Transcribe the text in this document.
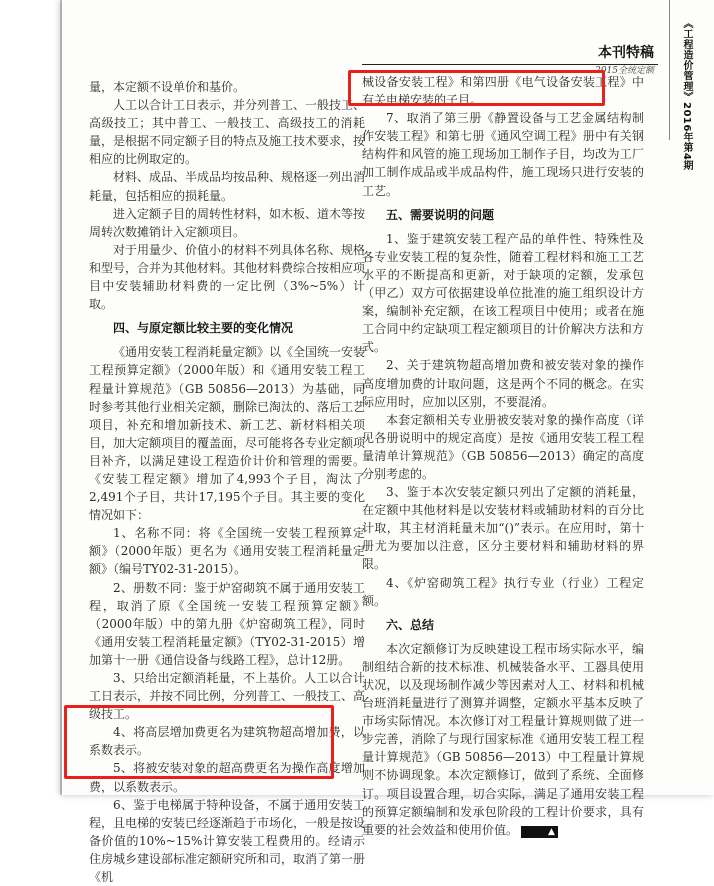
《工程造价管理》2016年第4期
本刊特稿
2015全统定额

量，本定额不设单价和基价。

人工以合计工日表示，并分列普工、一般技工、高级技工；其中普工、一般技工、高级技工的消耗量，是根据不同定额子目的特点及施工技术要求，按相应的比例取定的。

材料、成品、半成品均按品种、规格逐一列出消耗量，包括相应的损耗量。

进入定额子目的周转性材料，如木板、道木等按周转次数摊销计入定额项目。

对于用量少、价值小的材料不列具体名称、规格和型号，合并为其他材料。其他材料费综合按相应项目中安装辅助材料费的一定比例（3%~5%）计取。

四、与原定额比较主要的变化情况

《通用安装工程消耗量定额》以《全国统一安装工程预算定额》（2000年版）和《通用安装工程工程量计算规范》（GB 50856—2013）为基础，同时参考其他行业相关定额，删除已淘汰的、落后工艺项目，补充和增加新技术、新工艺、新材料相关项目，加大定额项目的覆盖面，尽可能将各专业定额项目补齐，以满足建设工程造价计价和管理的需要。《安装工程定额》增加了4,993个子目，淘汰了2,491个子目，共计17,195个子目。其主要的变化情况如下：

1、名称不同：将《全国统一安装工程预算定额》（2000年版）更名为《通用安装工程消耗量定额》（编号TY02-31-2015）。

2、册数不同：鉴于炉窑砌筑不属于通用安装工程，取消了原《全国统一安装工程预算定额》（2000年版）中的第九册《炉窑砌筑工程》，同时《通用安装工程消耗量定额》（TY02-31-2015）增加第十一册《通信设备与线路工程》，总计12册。

3、只给出定额消耗量，不上基价。人工以合计工日表示，并按不同比例，分列普工、一般技工、高级技工。

4、将高层增加费更名为建筑物超高增加费，以系数表示。

5、将被安装对象的超高费更名为操作高度增加费，以系数表示。

6、鉴于电梯属于特种设备，不属于通用安装工程，且电梯的安装已经逐渐趋于市场化，一般是按设备价值的10%~15%计算安装工程费用的。经请示住房城乡建设部标准定额研究所和司，取消了第一册《机

械设备安装工程》和第四册《电气设备安装工程》中有关电梯安装的子目。

7、取消了第三册《静置设备与工艺金属结构制作安装工程》和第七册《通风空调工程》册中有关钢结构件和风管的施工现场加工制作子目，均改为工厂加工制作成品或半成品构件，施工现场只进行安装的工艺。

五、需要说明的问题

1、鉴于建筑安装工程产品的单件性、特殊性及各专业安装工程的复杂性，随着工程材料和施工工艺水平的不断提高和更新，对于缺项的定额，发承包（甲乙）双方可依据建设单位批准的施工组织设计方案，编制补充定额，在该工程项目中使用；或者在施工合同中约定缺项工程定额项目的计价解决方法和方式。

2、关于建筑物超高增加费和被安装对象的操作高度增加费的计取问题，这是两个不同的概念。在实际应用时，应加以区别，不要混淆。

本套定额相关专业册被安装对象的操作高度（详见各册说明中的规定高度）是按《通用安装工程工程量清单计算规范》（GB 50856—2013）确定的高度分别考虑的。

3、鉴于本次安装定额只列出了定额的消耗量，在定额中其他材料是以安装材料或辅助材料的百分比计取，其主材消耗量未加“()”表示。在应用时，第十册尤为要加以注意，区分主要材料和辅助材料的界限。

4、《炉窑砌筑工程》执行专业（行业）工程定额。

六、总结

本次定额修订为反映建设工程市场实际水平，编制组结合新的技术标准、机械装备水平、工器具使用状况，以及现场制作减少等因素对人工、材料和机械台班消耗量进行了测算并调整，定额水平基本反映了市场实际情况。本次修订对工程量计算规则做了进一步完善，消除了与现行国家标准《通用安装工程工程量计算规范》（GB 50856—2013）中工程量计算规则不协调现象。本次定额修订，做到了系统、全面修订。项目设置合理，切合实际，满足了通用安装工程的预算定额编制和发承包阶段的工程计价要求，具有重要的社会效益和使用价值。	▲
